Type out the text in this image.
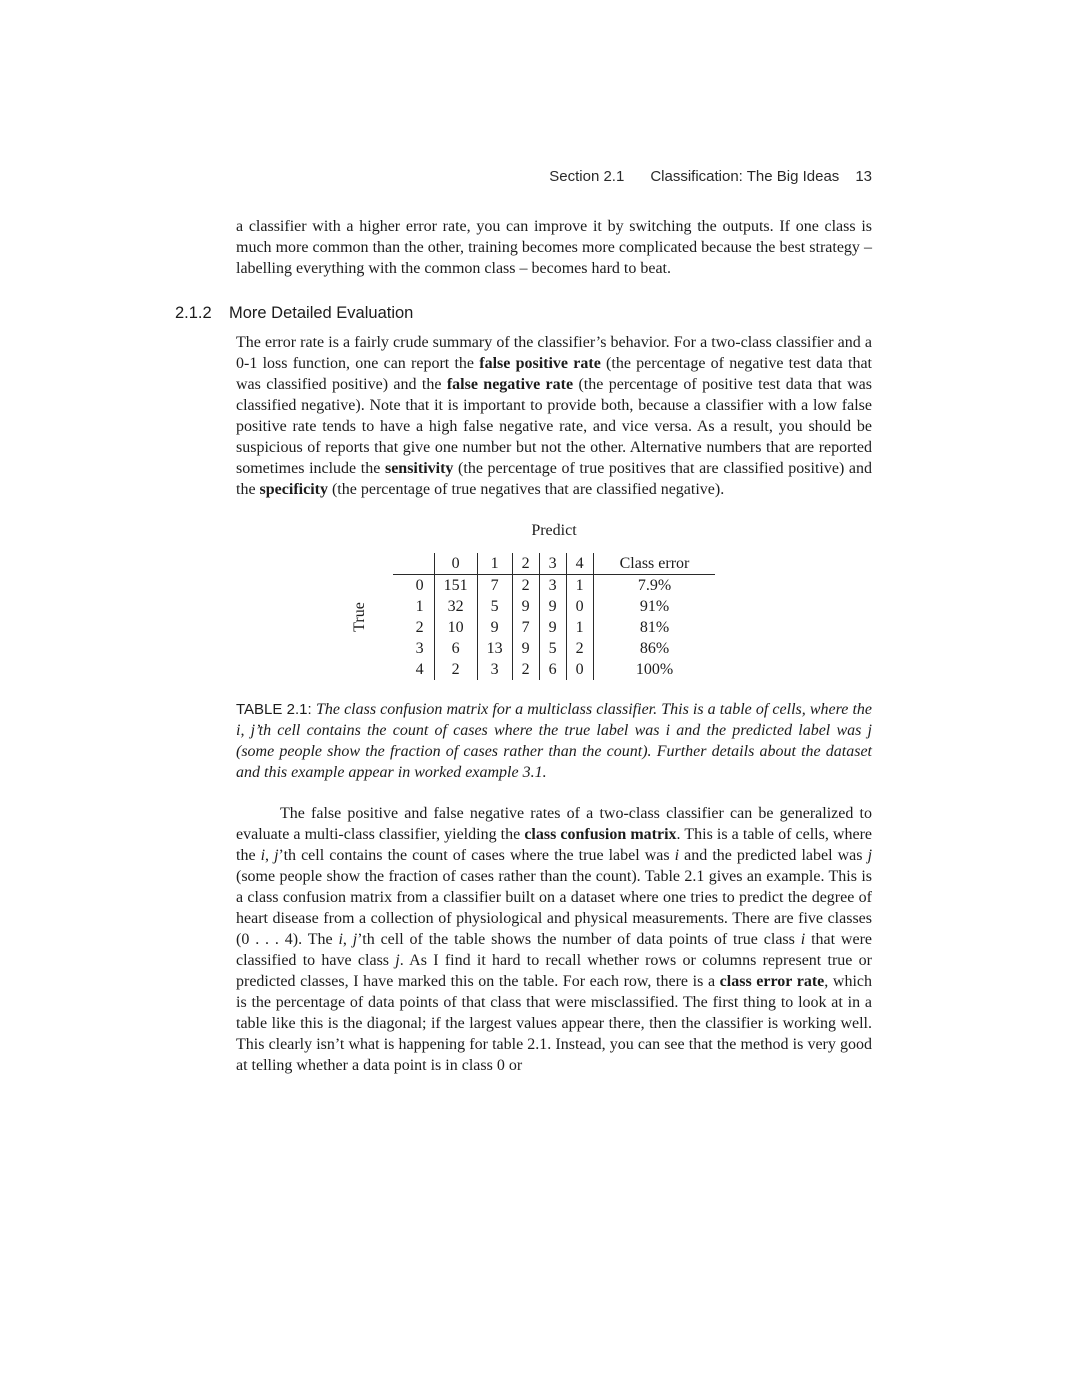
Section 2.1 Classification: The Big Ideas 13

a classifier with a higher error rate, you can improve it by switching the outputs. If one class is much more common than the other, training becomes more complicated because the best strategy – labelling everything with the common class – becomes hard to beat.

2.1.2	More Detailed Evaluation

The error rate is a fairly crude summary of the classifier’s behavior. For a two-class classifier and a 0-1 loss function, one can report the false positive rate (the percentage of negative test data that was classified positive) and the false negative rate (the percentage of positive test data that was classified negative). Note that it is important to provide both, because a classifier with a low false positive rate tends to have a high false negative rate, and vice versa. As a result, you should be suspicious of reports that give one number but not the other. Alternative numbers that are reported sometimes include the sensitivity (the percentage of true positives that are classified positive) and the specificity (the percentage of true negatives that are classified negative).

Predict
True
	0	1	2	3	4	Class error
0	151	7	2	3	1	7.9%
1	32	5	9	9	0	91%
2	10	9	7	9	1	81%
3	6	13	9	5	2	86%
4	2	3	2	6	0	100%

TABLE 2.1: The class confusion matrix for a multiclass classifier. This is a table of cells, where the i, j’th cell contains the count of cases where the true label was i and the predicted label was j (some people show the fraction of cases rather than the count). Further details about the dataset and this example appear in worked example 3.1.

The false positive and false negative rates of a two-class classifier can be generalized to evaluate a multi-class classifier, yielding the class confusion matrix. This is a table of cells, where the i, j’th cell contains the count of cases where the true label was i and the predicted label was j (some people show the fraction of cases rather than the count). Table 2.1 gives an example. This is a class confusion matrix from a classifier built on a dataset where one tries to predict the degree of heart disease from a collection of physiological and physical measurements. There are five classes (0 . . . 4). The i, j’th cell of the table shows the number of data points of true class i that were classified to have class j. As I find it hard to recall whether rows or columns represent true or predicted classes, I have marked this on the table. For each row, there is a class error rate, which is the percentage of data points of that class that were misclassified. The first thing to look at in a table like this is the diagonal; if the largest values appear there, then the classifier is working well. This clearly isn’t what is happening for table 2.1. Instead, you can see that the method is very good at telling whether a data point is in class 0 or
